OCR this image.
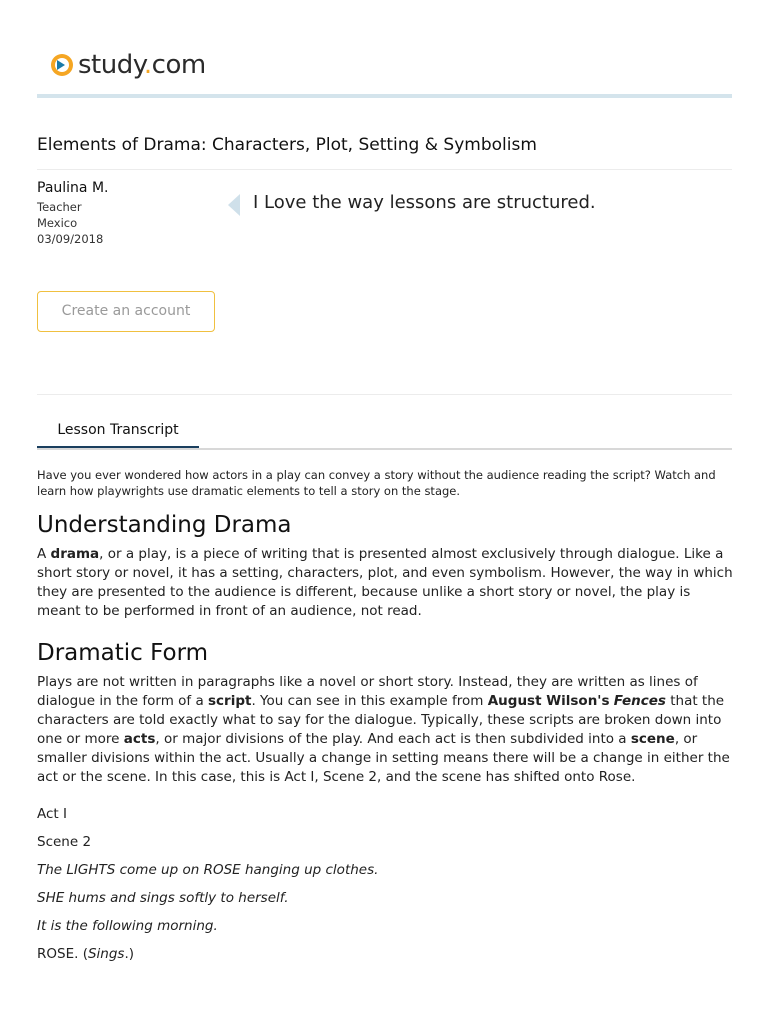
study.com
Elements of Drama: Characters, Plot, Setting & Symbolism
Paulina M.
Teacher
Mexico
03/09/2018
I Love the way lessons are structured.
Create an account
Lesson Transcript

Have you ever wondered how actors in a play can convey a story without the audience reading the script? Watch and learn how playwrights use dramatic elements to tell a story on the stage.

Understanding Drama

A drama, or a play, is a piece of writing that is presented almost exclusively through dialogue. Like a short story or novel, it has a setting, characters, plot, and even symbolism. However, the way in which they are presented to the audience is different, because unlike a short story or novel, the play is meant to be performed in front of an audience, not read.

Dramatic Form

Plays are not written in paragraphs like a novel or short story. Instead, they are written as lines of dialogue in the form of a script. You can see in this example from August Wilson's Fences that the characters are told exactly what to say for the dialogue. Typically, these scripts are broken down into one or more acts, or major divisions of the play. And each act is then subdivided into a scene, or smaller divisions within the act. Usually a change in setting means there will be a change in either the act or the scene. In this case, this is Act I, Scene 2, and the scene has shifted onto Rose.

Act I

Scene 2

The LIGHTS come up on ROSE hanging up clothes.

SHE hums and sings softly to herself.

It is the following morning.

ROSE. (Sings.)
